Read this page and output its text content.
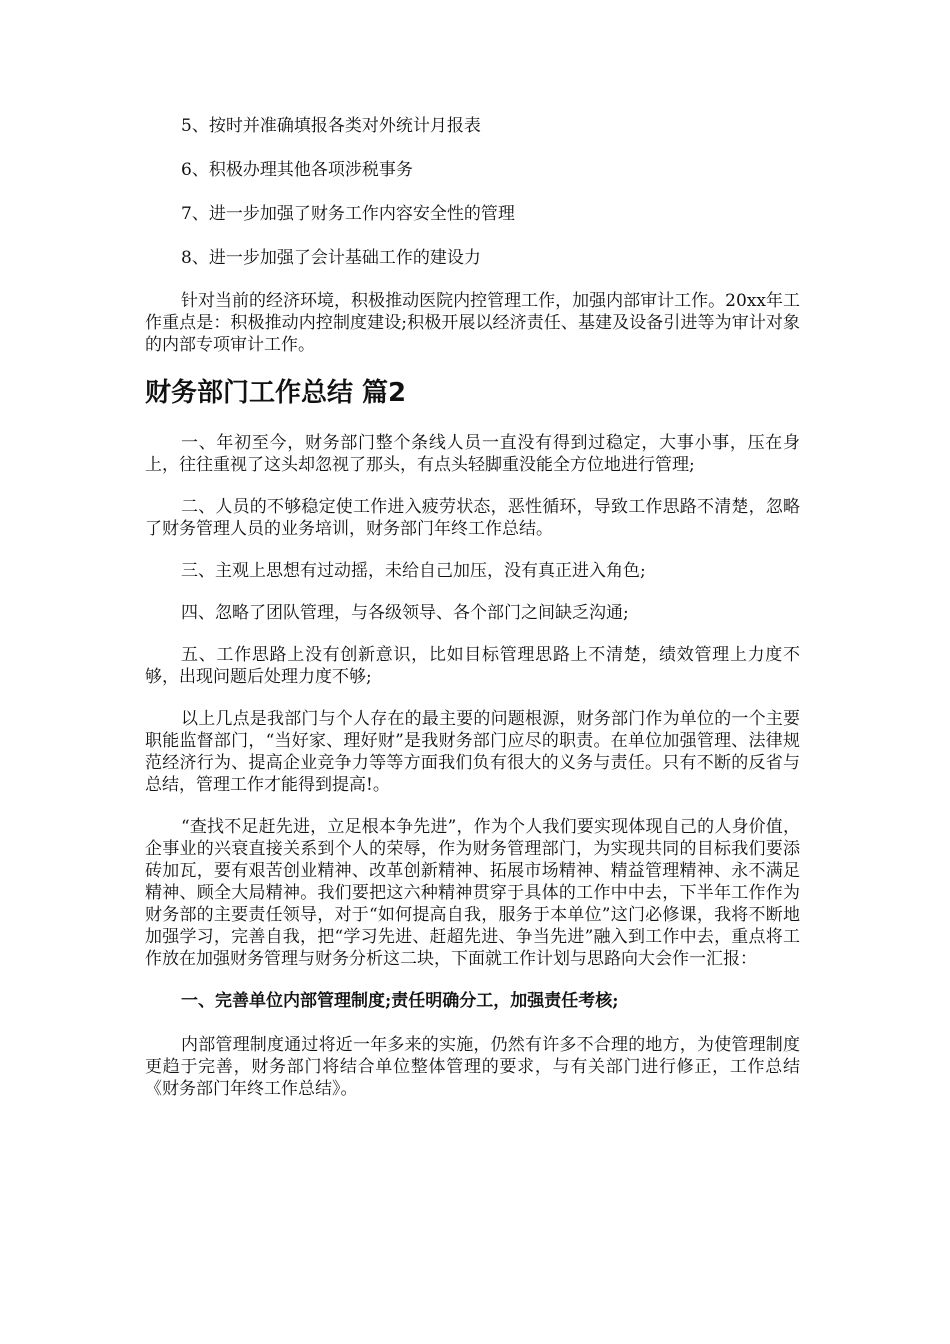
5、按时并准确填报各类对外统计月报表

6、积极办理其他各项涉税事务

7、进一步加强了财务工作内容安全性的管理

8、进一步加强了会计基础工作的建设力

针对当前的经济环境，积极推动医院内控管理工作，加强内部审计工作。20xx年工作重点是：积极推动内控制度建设;积极开展以经济责任、基建及设备引进等为审计对象的内部专项审计工作。

财务部门工作总结 篇2

一、年初至今，财务部门整个条线人员一直没有得到过稳定，大事小事，压在身上，往往重视了这头却忽视了那头，有点头轻脚重没能全方位地进行管理;

二、人员的不够稳定使工作进入疲劳状态，恶性循环，导致工作思路不清楚，忽略了财务管理人员的业务培训，财务部门年终工作总结。

三、主观上思想有过动摇，未给自己加压，没有真正进入角色;

四、忽略了团队管理，与各级领导、各个部门之间缺乏沟通;

五、工作思路上没有创新意识，比如目标管理思路上不清楚，绩效管理上力度不够，出现问题后处理力度不够;

以上几点是我部门与个人存在的最主要的问题根源，财务部门作为单位的一个主要职能监督部门，“当好家、理好财”是我财务部门应尽的职责。在单位加强管理、法律规范经济行为、提高企业竞争力等等方面我们负有很大的义务与责任。只有不断的反省与总结，管理工作才能得到提高!。

“查找不足赶先进，立足根本争先进”，作为个人我们要实现体现自己的人身价值，企事业的兴衰直接关系到个人的荣辱，作为财务管理部门，为实现共同的目标我们要添砖加瓦，要有艰苦创业精神、改革创新精神、拓展市场精神、精益管理精神、永不满足精神、顾全大局精神。我们要把这六种精神贯穿于具体的工作中中去，下半年工作作为财务部的主要责任领导，对于“如何提高自我，服务于本单位”这门必修课，我将不断地加强学习，完善自我，把“学习先进、赶超先进、争当先进”融入到工作中去，重点将工作放在加强财务管理与财务分析这二块，下面就工作计划与思路向大会作一汇报：

一、完善单位内部管理制度;责任明确分工，加强责任考核;

内部管理制度通过将近一年多来的实施，仍然有许多不合理的地方，为使管理制度更趋于完善，财务部门将结合单位整体管理的要求，与有关部门进行修正，工作总结《财务部门年终工作总结》。
